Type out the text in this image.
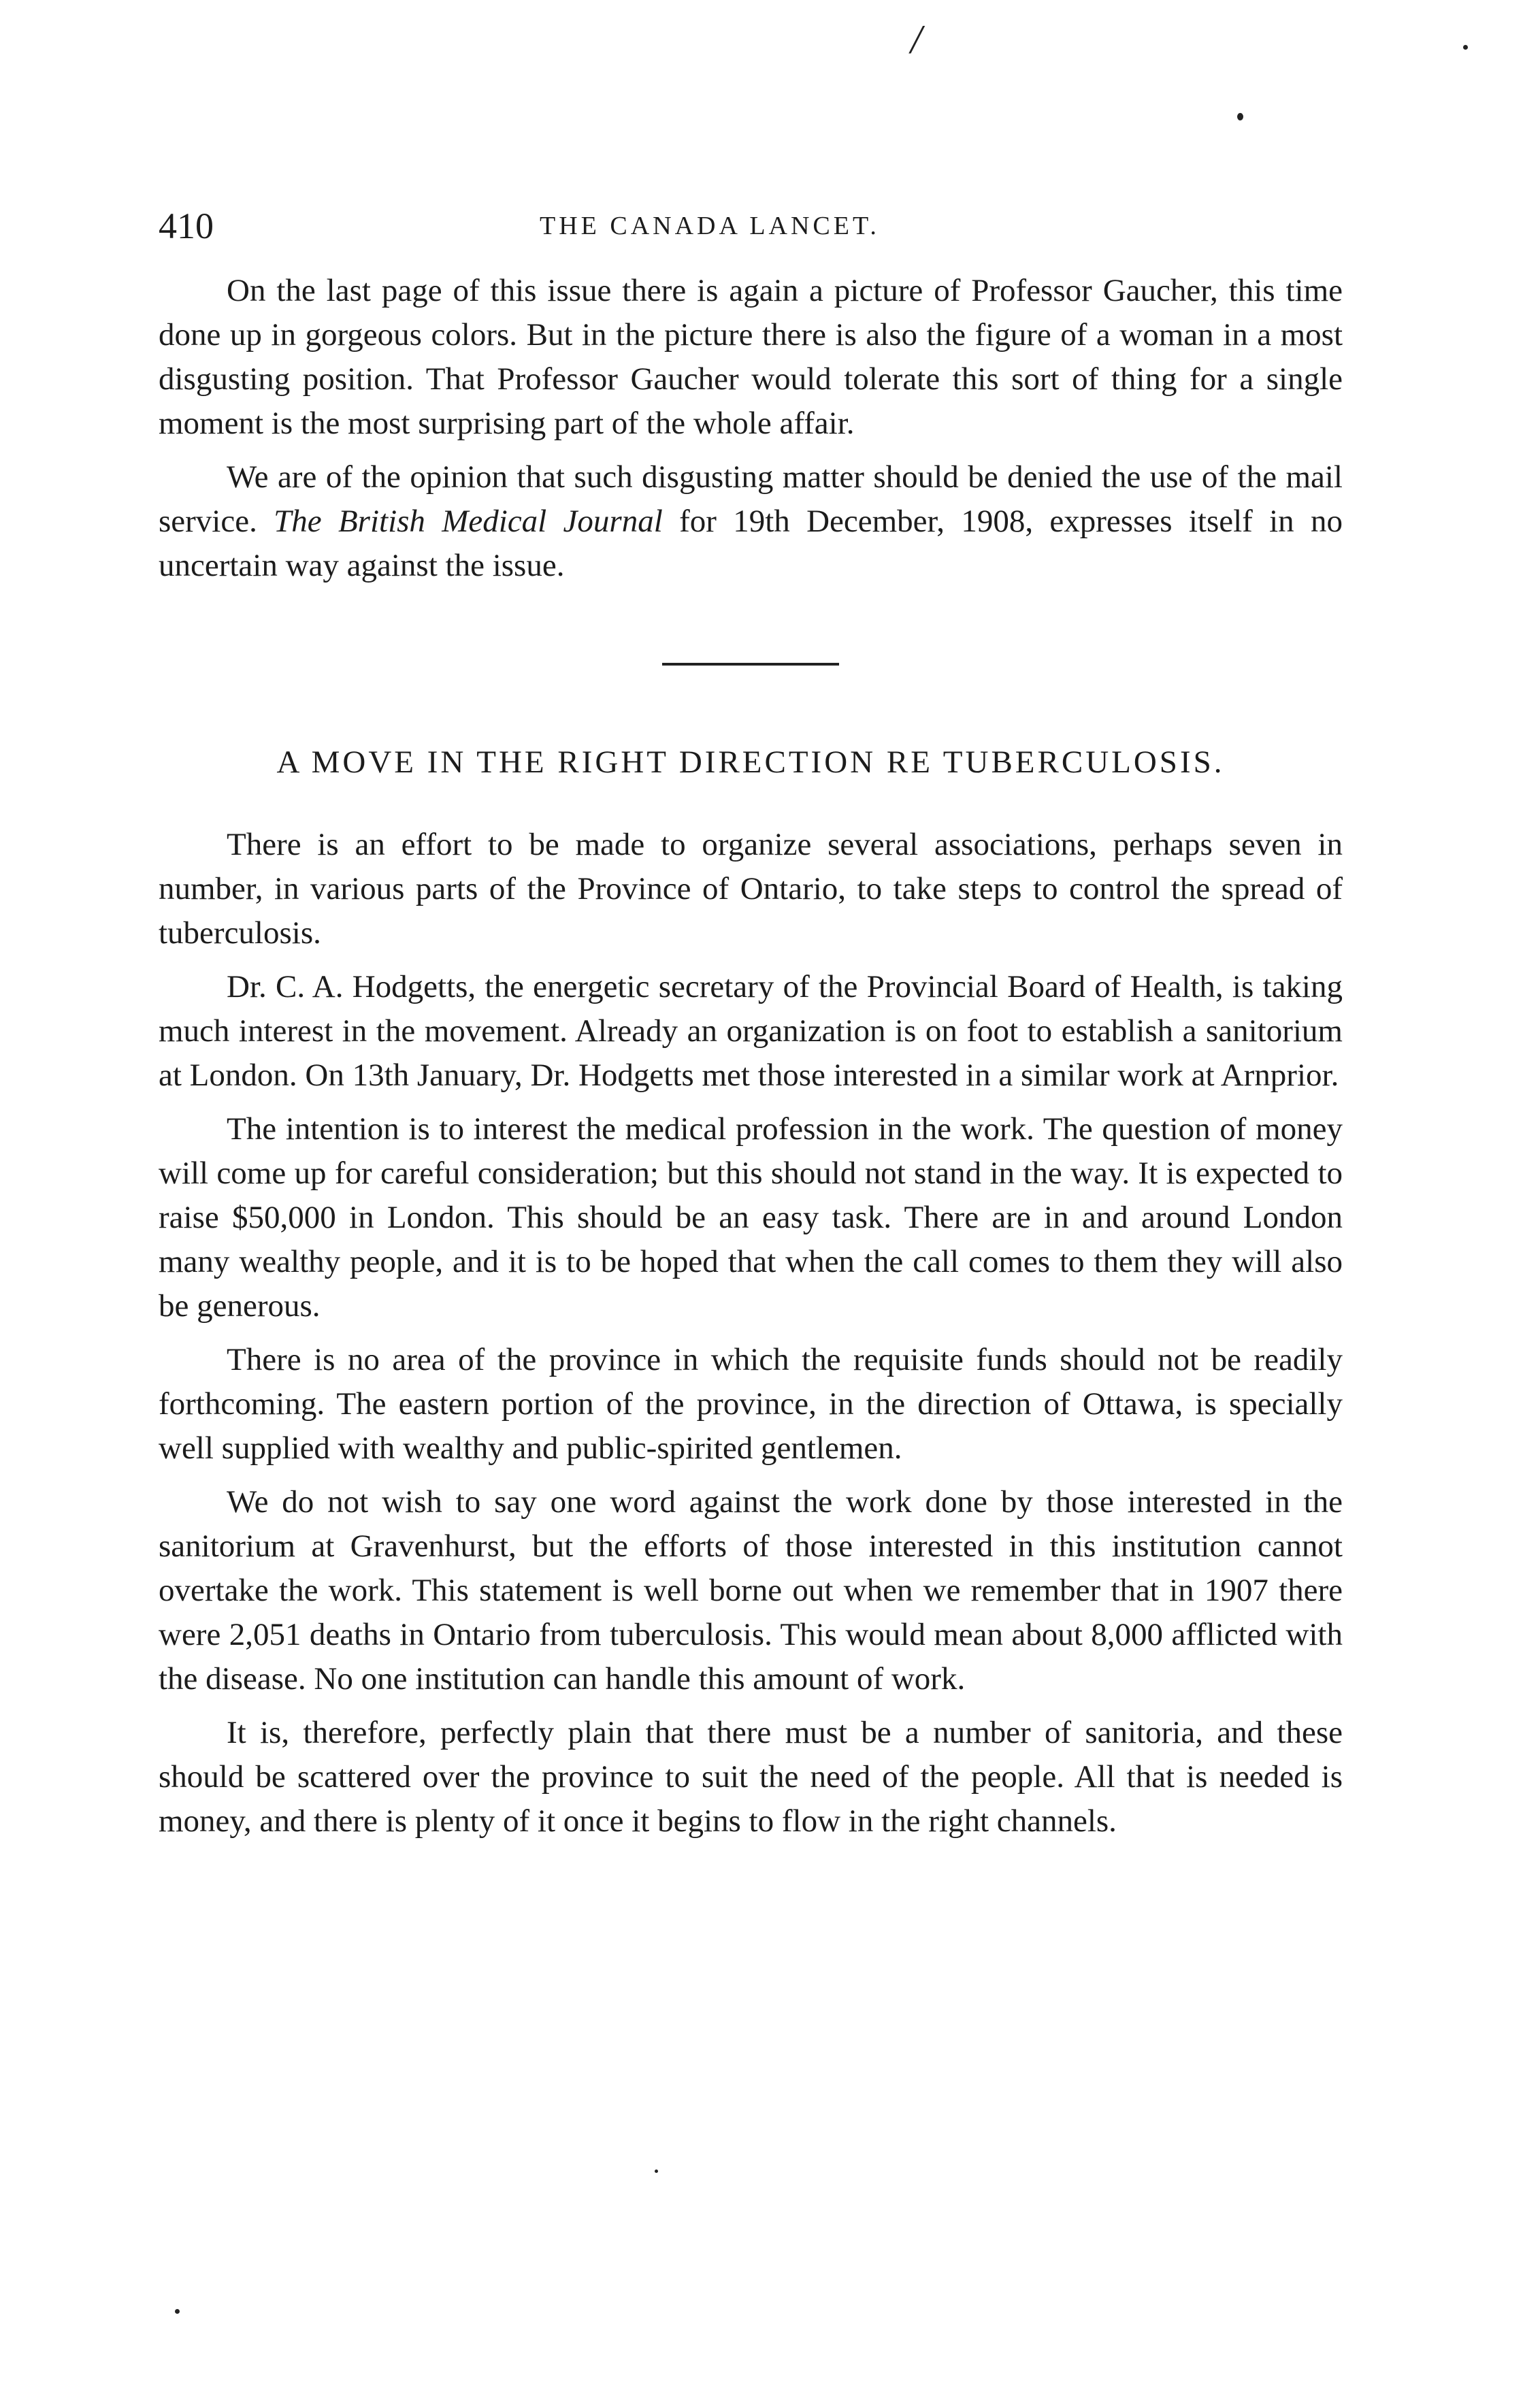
/
410	THE CANADA LANCET.

On the last page of this issue there is again a picture of Professor Gaucher, this time done up in gorgeous colors. But in the picture there is also the figure of a woman in a most disgusting position. That Professor Gaucher would tolerate this sort of thing for a single moment is the most surprising part of the whole affair.

We are of the opinion that such disgusting matter should be denied the use of the mail service. The British Medical Journal for 19th December, 1908, expresses itself in no uncertain way against the issue.

A MOVE IN THE RIGHT DIRECTION RE TUBERCULOSIS.

There is an effort to be made to organize several associations, perhaps seven in number, in various parts of the Province of Ontario, to take steps to control the spread of tuberculosis.

Dr. C. A. Hodgetts, the energetic secretary of the Provincial Board of Health, is taking much interest in the movement. Already an organization is on foot to establish a sanitorium at London. On 13th January, Dr. Hodgetts met those interested in a similar work at Arnprior.

The intention is to interest the medical profession in the work. The question of money will come up for careful consideration; but this should not stand in the way. It is expected to raise $50,000 in London. This should be an easy task. There are in and around London many wealthy people, and it is to be hoped that when the call comes to them they will also be generous.

There is no area of the province in which the requisite funds should not be readily forthcoming. The eastern portion of the province, in the direction of Ottawa, is specially well supplied with wealthy and public-spirited gentlemen.

We do not wish to say one word against the work done by those interested in the sanitorium at Gravenhurst, but the efforts of those interested in this institution cannot overtake the work. This statement is well borne out when we remember that in 1907 there were 2,051 deaths in Ontario from tuberculosis. This would mean about 8,000 afflicted with the disease. No one institution can handle this amount of work.

It is, therefore, perfectly plain that there must be a number of sanitoria, and these should be scattered over the province to suit the need of the people. All that is needed is money, and there is plenty of it once it begins to flow in the right channels.
